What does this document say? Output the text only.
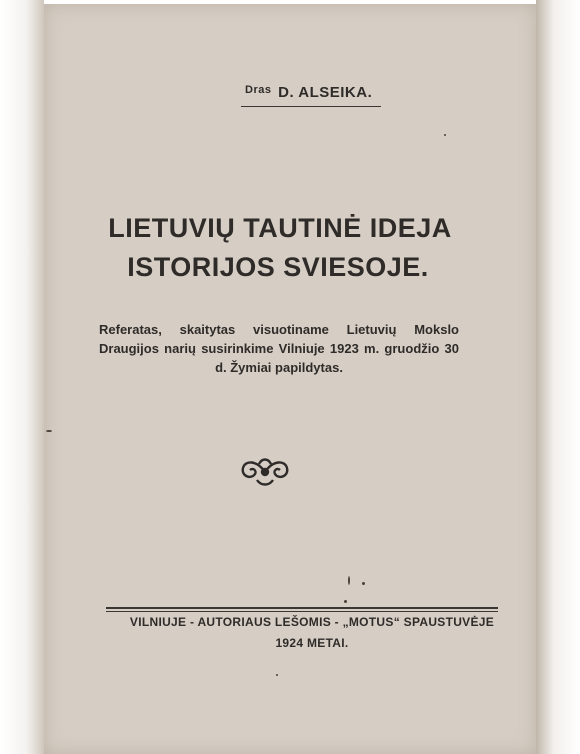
$^{Dras}$ D. ALSEIKA.
LIETUVIŲ TAUTINĖ IDEJA
ISTORIJOS SVIESOJE.
Referatas, skaitytas visuotiname Lietuvių Mokslo Draugijos narių susirinkime Vilniuje 1923 m. gruodžio 30 d. Žymiai papildytas.
VILNIUJE - AUTORIAUS LEŠOMIS - „MOTUS“ SPAUSTUVĖJE
1924 METAI.
